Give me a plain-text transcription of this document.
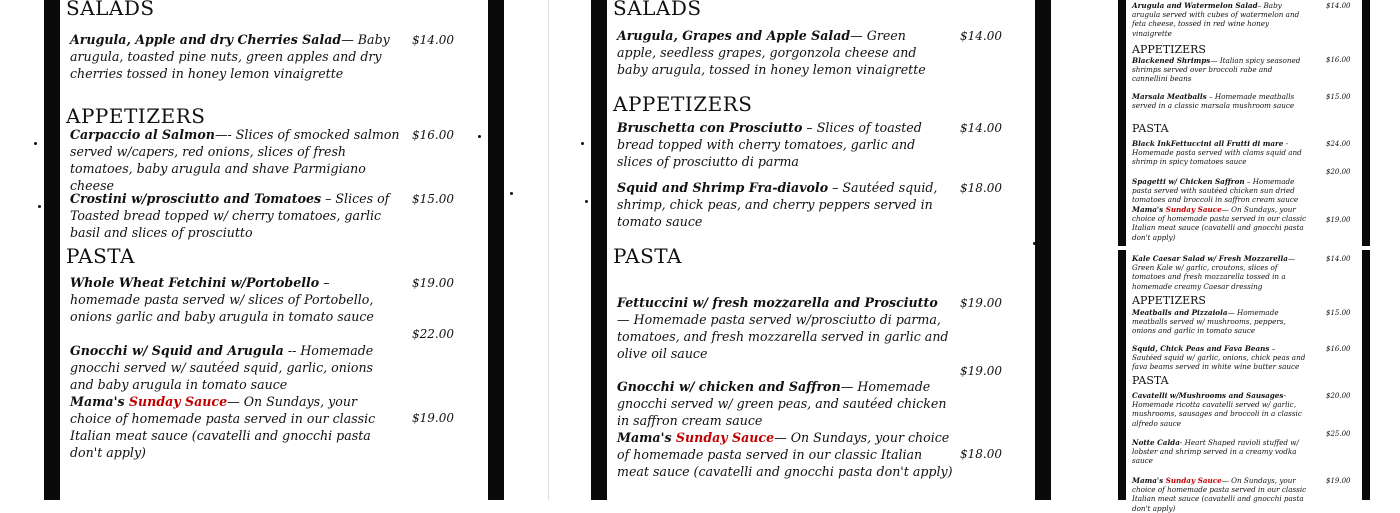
SALADS
Arugula, Apple and dry Cherries Salad— Baby arugula, toasted pine nuts, green apples and dry cherries tossed in honey lemon vinaigrette
$14.00
APPETIZERS
Carpaccio al Salmon—- Slices of smocked salmon served w/capers, red onions, slices of fresh tomatoes, baby arugula and shave Parmigiano cheese
$16.00
Crostini w/prosciutto and Tomatoes – Slices of Toasted bread topped w/ cherry tomatoes, garlic basil and slices of prosciutto
$15.00
PASTA
Whole Wheat Fetchini w/Portobello – homemade pasta served w/ slices of Portobello, onions garlic and baby arugula in tomato sauce
$19.00
$22.00
Gnocchi w/ Squid and Arugula -- Homemade gnocchi served w/ sautéed squid, garlic, onions and baby arugula in tomato sauce
Mama's Sunday Sauce— On Sundays, your choice of homemade pasta served in our classic Italian meat sauce (cavatelli and gnocchi pasta don't apply)
$19.00
SALADS
Arugula, Grapes and Apple Salad— Green apple, seedless grapes, gorgonzola cheese and baby arugula, tossed in honey lemon vinaigrette
$14.00
APPETIZERS
Bruschetta con Prosciutto – Slices of toasted bread topped with cherry tomatoes, garlic and slices of prosciutto di parma
$14.00
Squid and Shrimp Fra-diavolo – Sautéed squid, shrimp, chick peas, and cherry peppers served in tomato sauce
$18.00
PASTA
Fettuccini w/ fresh mozzarella and Prosciutto — Homemade pasta served w/prosciutto di parma, tomatoes, and fresh mozzarella served in garlic and olive oil sauce
$19.00
$19.00
Gnocchi w/ chicken and Saffron— Homemade gnocchi served w/ green peas, and sautéed chicken in saffron cream sauce
Mama's Sunday Sauce— On Sundays, your choice of homemade pasta served in our classic Italian meat sauce (cavatelli and gnocchi pasta don't apply)
$18.00
Arugula and Watermelon Salad– Baby arugula served with cubes of watermelon and feta cheese, tossed in red wine honey vinaigrette
$14.00
APPETIZERS
Blackened Shrimps— Italian spicy seasoned shrimps served over broccoli rabe and cannellini beans
$16.00
Marsala Meatballs – Homemade meatballs served in a classic marsala mushroom sauce
$15.00
PASTA
Black InkFettuccini all Frutti di mare - Homemade pasta served with clams squid and shrimp in spicy tomatoes sauce
$24.00
$20.00
Spagetti w/ Chicken Saffron – Homemade pasta served with sautéed chicken sun dried tomatoes and broccoli in saffron cream sauce
Mama's Sunday Sauce— On Sundays, your choice of homemade pasta served in our classic Italian meat sauce (cavatelli and gnocchi pasta don't apply)
$19.00
Kale Caesar Salad w/ Fresh Mozzarella— Green Kale w/ garlic, croutons, slices of tomatoes and fresh mozzarella tossed in a homemade creamy Caesar dressing
$14.00
APPETIZERS
Meatballs and Pizzaiola— Homemade meatballs served w/ mushrooms, peppers, onions and garlic in tomato sauce
$15.00
Squid, Chick Peas and Fava Beans – Sautéed squid w/ garlic, onions, chick peas and fava beams served in white wine butter sauce
$16.00
PASTA
Cavatelli w/Mushrooms and Sausages- Homemade ricotta cavatelli served w/ garlic, mushrooms, sausages and broccoli in a classic alfredo sauce
$20.00
$25.00
Notte Calda- Heart Shaped ravioli stuffed w/ lobster and shrimp served in a creamy vodka sauce
Mama's Sunday Sauce— On Sundays, your choice of homemade pasta served in our classic Italian meat sauce (cavatelli and gnocchi pasta don't apply)
$19.00
